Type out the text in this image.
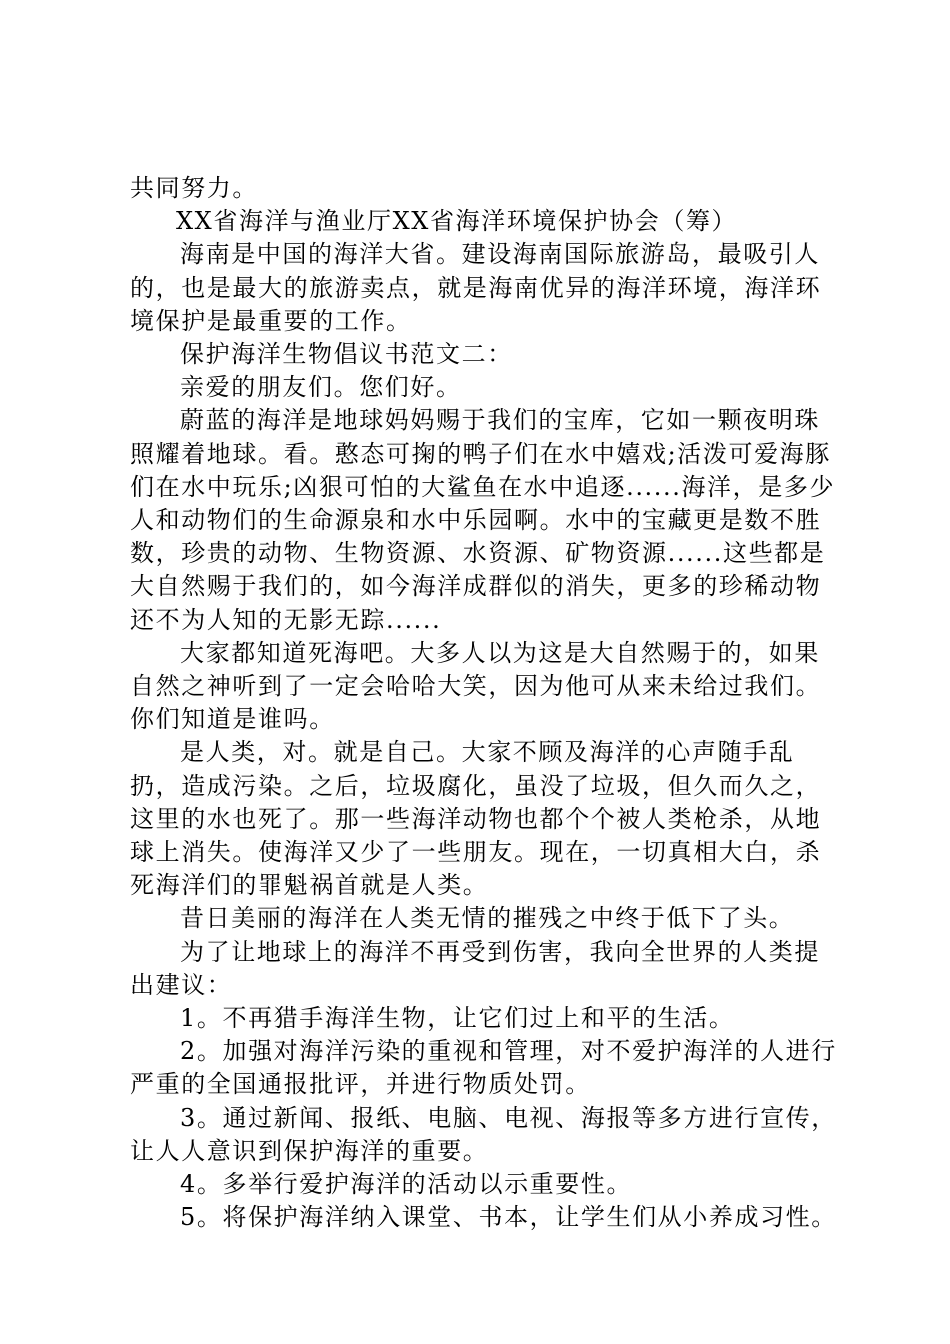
共同努力。

XX省海洋与渔业厅XX省海洋环境保护协会（筹）

海南是中国的海洋大省。建设海南国际旅游岛，最吸引人的，也是最大的旅游卖点，就是海南优异的海洋环境，海洋环境保护是最重要的工作。

保护海洋生物倡议书范文二：

亲爱的朋友们。您们好。

蔚蓝的海洋是地球妈妈赐于我们的宝库，它如一颗夜明珠照耀着地球。看。憨态可掬的鸭子们在水中嬉戏;活泼可爱海豚们在水中玩乐;凶狠可怕的大鲨鱼在水中追逐......海洋，是多少人和动物们的生命源泉和水中乐园啊。水中的宝藏更是数不胜数，珍贵的动物、生物资源、水资源、矿物资源......这些都是大自然赐于我们的，如今海洋成群似的消失，更多的珍稀动物还不为人知的无影无踪......

大家都知道死海吧。大多人以为这是大自然赐于的，如果自然之神听到了一定会哈哈大笑，因为他可从来未给过我们。你们知道是谁吗。

是人类，对。就是自己。大家不顾及海洋的心声随手乱扔，造成污染。之后，垃圾腐化，虽没了垃圾，但久而久之，这里的水也死了。那一些海洋动物也都个个被人类枪杀，从地球上消失。使海洋又少了一些朋友。现在，一切真相大白，杀死海洋们的罪魁祸首就是人类。

昔日美丽的海洋在人类无情的摧残之中终于低下了头。

为了让地球上的海洋不再受到伤害，我向全世界的人类提出建议：

1。不再猎手海洋生物，让它们过上和平的生活。

2。加强对海洋污染的重视和管理，对不爱护海洋的人进行严重的全国通报批评，并进行物质处罚。

3。通过新闻、报纸、电脑、电视、海报等多方进行宣传，让人人意识到保护海洋的重要。

4。多举行爱护海洋的活动以示重要性。

5。将保护海洋纳入课堂、书本，让学生们从小养成习性。
